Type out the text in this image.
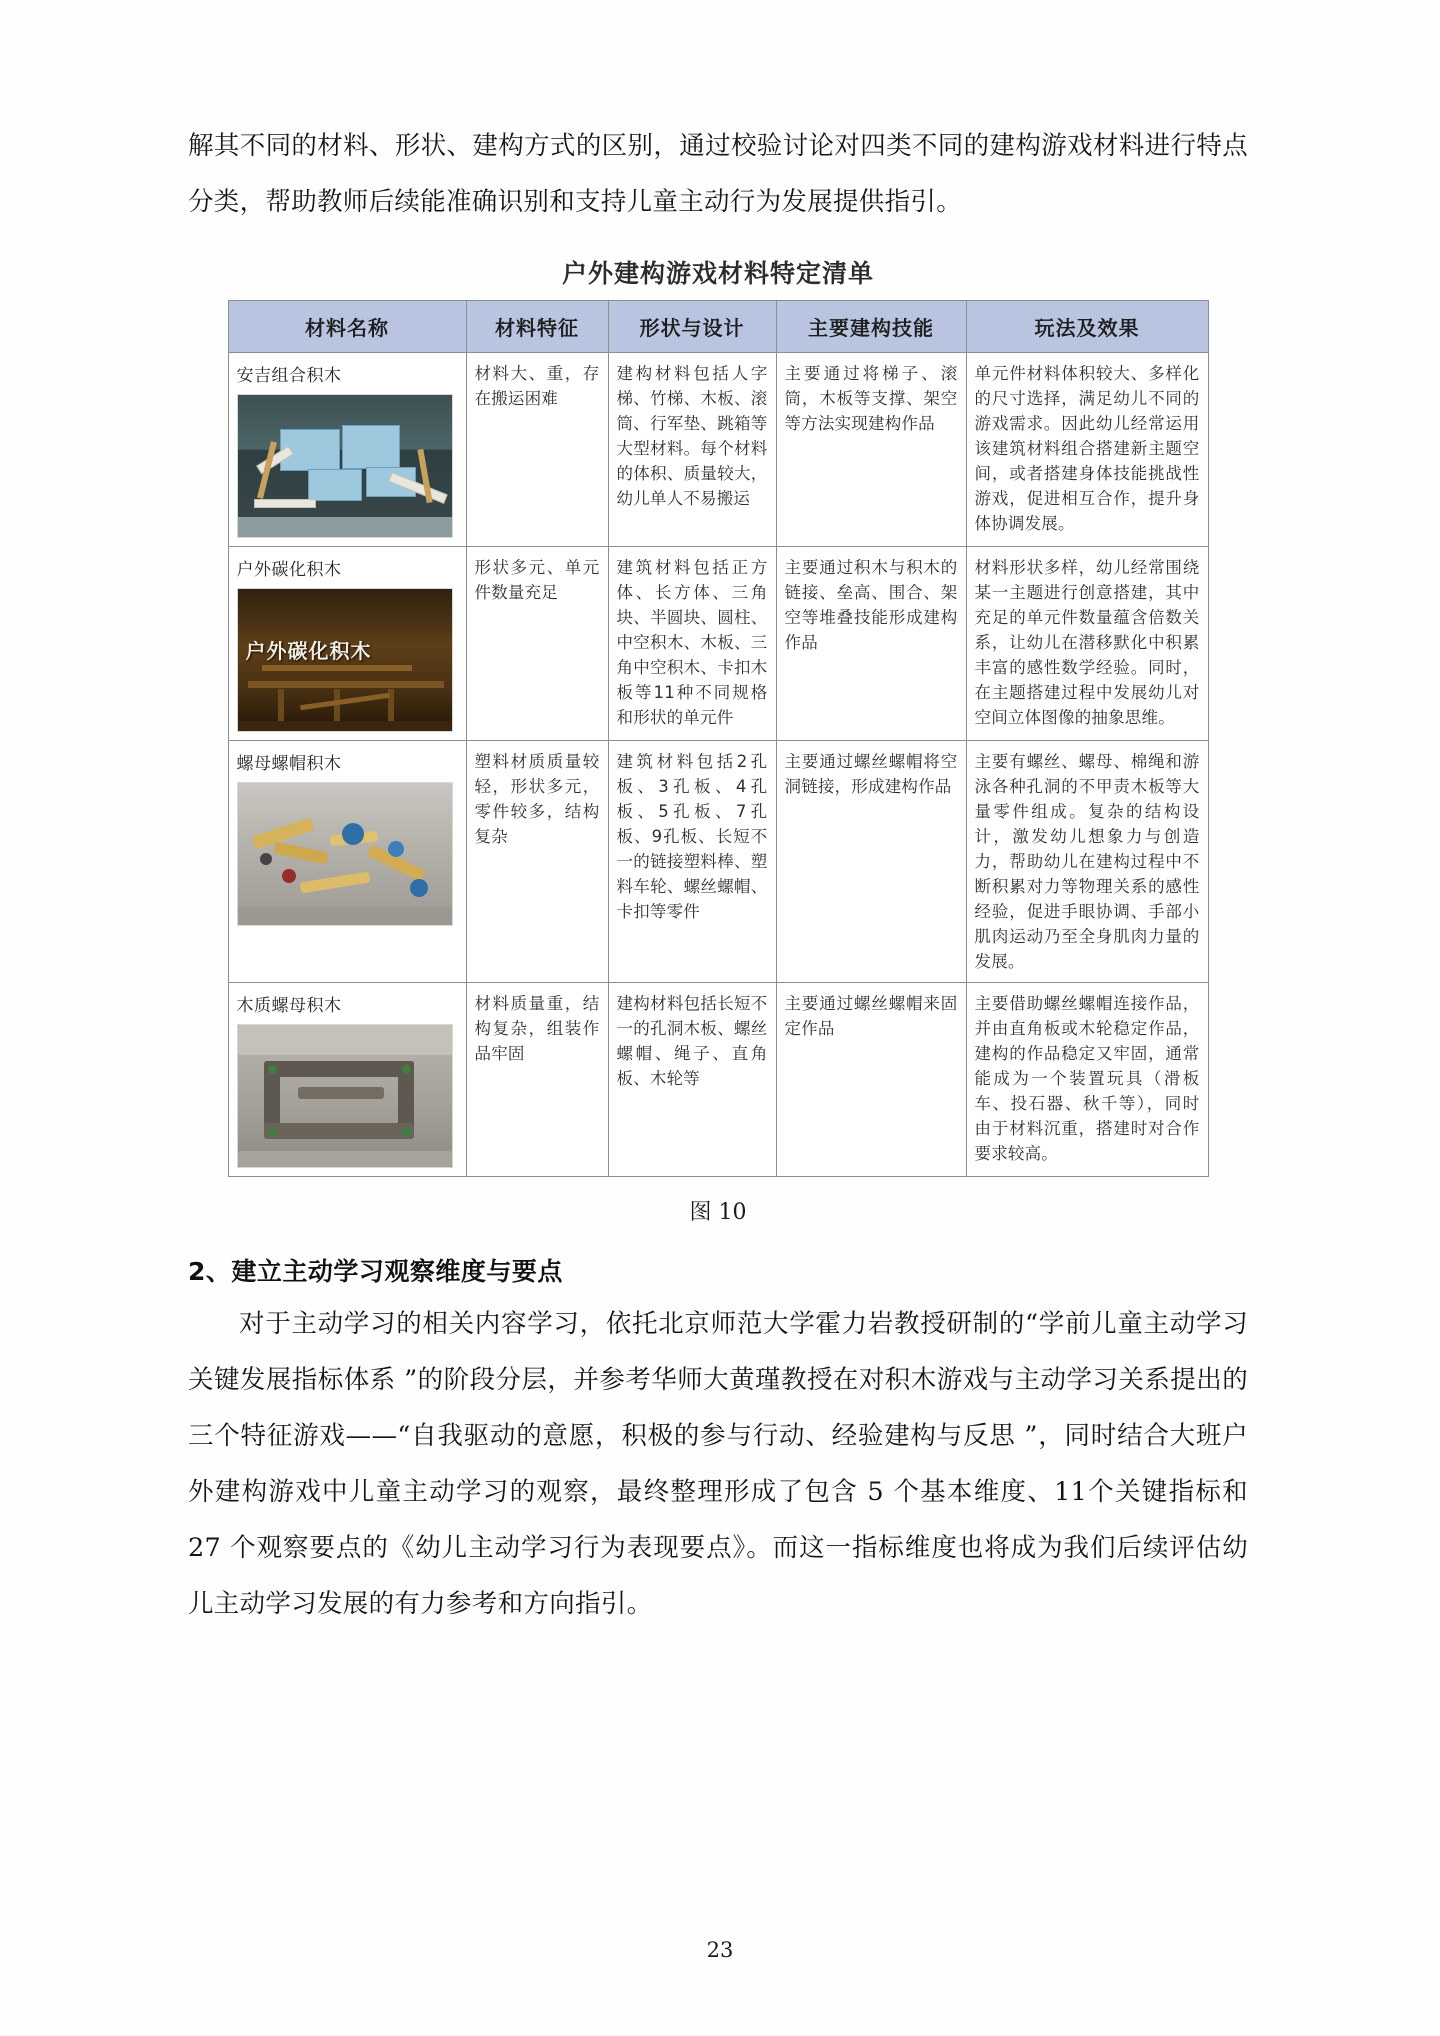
解其不同的材料、形状、建构方式的区别，通过校验讨论对四类不同的建构游戏材料进行特点分类，帮助教师后续能准确识别和支持儿童主动行为发展提供指引。

户外建构游戏材料特定清单
材料名称	材料特征	形状与设计	主要建构技能	玩法及效果

安吉组合积木	材料大、重，存在搬运困难	建构材料包括人字梯、竹梯、木板、滚筒、行军垫、跳箱等大型材料。每个材料的体积、质量较大，幼儿单人不易搬运	主要通过将梯子、滚筒，木板等支撑、架空等方法实现建构作品	单元件材料体积较大、多样化的尺寸选择，满足幼儿不同的游戏需求。因此幼儿经常运用该建筑材料组合搭建新主题空间，或者搭建身体技能挑战性游戏，促进相互合作，提升身体协调发展。

户外碳化积木
户外碳化积木	形状多元、单元件数量充足	建筑材料包括正方体、长方体、三角块、半圆块、圆柱、中空积木、木板、三角中空积木、卡扣木板等11种不同规格和形状的单元件	主要通过积木与积木的链接、垒高、围合、架空等堆叠技能形成建构作品	材料形状多样，幼儿经常围绕某一主题进行创意搭建，其中充足的单元件数量蕴含倍数关系，让幼儿在潜移默化中积累丰富的感性数学经验。同时，在主题搭建过程中发展幼儿对空间立体图像的抽象思维。

螺母螺帽积木	塑料材质质量较轻，形状多元，零件较多，结构复杂	建筑材料包括2孔板、3孔板、4孔板、5孔板、7孔板、9孔板、长短不一的链接塑料棒、塑料车轮、螺丝螺帽、卡扣等零件	主要通过螺丝螺帽将空洞链接，形成建构作品	主要有螺丝、螺母、棉绳和游泳各种孔洞的不甲责木板等大量零件组成。复杂的结构设计，激发幼儿想象力与创造力，帮助幼儿在建构过程中不断积累对力等物理关系的感性经验，促进手眼协调、手部小肌肉运动乃至全身肌肉力量的发展。

木质螺母积木	材料质量重，结构复杂，组装作品牢固	建构材料包括长短不一的孔洞木板、螺丝螺帽、绳子、直角板、木轮等	主要通过螺丝螺帽来固定作品	主要借助螺丝螺帽连接作品，并由直角板或木轮稳定作品，建构的作品稳定又牢固，通常能成为一个装置玩具（滑板车、投石器、秋千等），同时由于材料沉重，搭建时对合作要求较高。
图 10
2、建立主动学习观察维度与要点

对于主动学习的相关内容学习，依托北京师范大学霍力岩教授研制的“学前儿童主动学习关键发展指标体系 ”的阶段分层，并参考华师大黄瑾教授在对积木游戏与主动学习关系提出的三个特征游戏——“自我驱动的意愿，积极的参与行动、经验建构与反思 ”，同时结合大班户外建构游戏中儿童主动学习的观察，最终整理形成了包含 5 个基本维度、11个关键指标和 27 个观察要点的《幼儿主动学习行为表现要点》。而这一指标维度也将成为我们后续评估幼儿主动学习发展的有力参考和方向指引。

23
